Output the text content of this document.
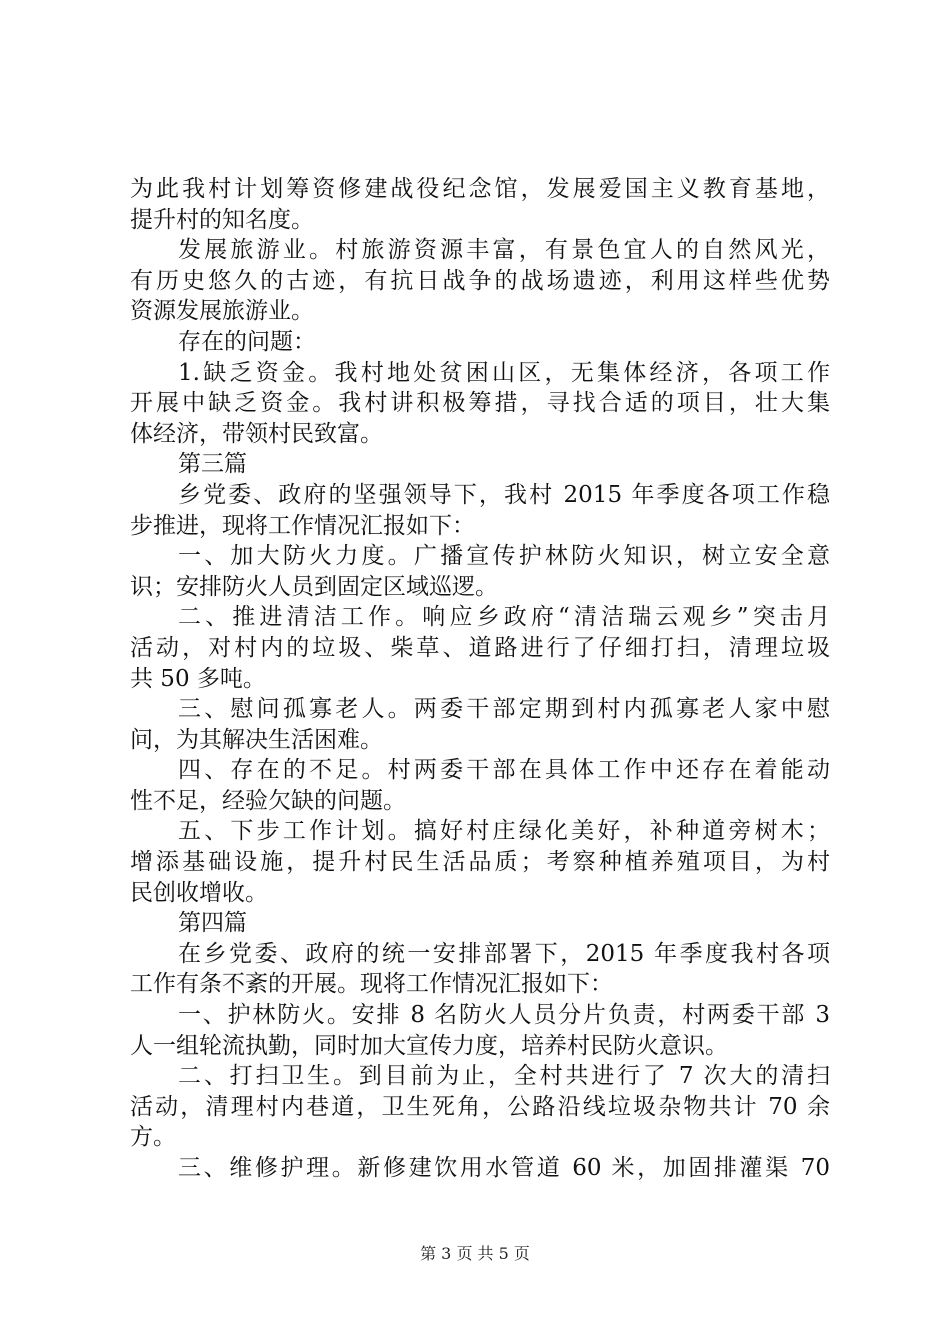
为此我村计划筹资修建战役纪念馆，发展爱国主义教育基地，
提升村的知名度。
发展旅游业。村旅游资源丰富，有景色宜人的自然风光，
有历史悠久的古迹，有抗日战争的战场遗迹，利用这样些优势
资源发展旅游业。
存在的问题：
1.缺乏资金。我村地处贫困山区，无集体经济，各项工作
开展中缺乏资金。我村讲积极筹措，寻找合适的项目，壮大集
体经济，带领村民致富。
第三篇
乡党委、政府的坚强领导下，我村 2015 年季度各项工作稳
步推进，现将工作情况汇报如下：
一、加大防火力度。广播宣传护林防火知识，树立安全意
识；安排防火人员到固定区域巡逻。
二、推进清洁工作。响应乡政府“清洁瑞云观乡”突击月
活动，对村内的垃圾、柴草、道路进行了仔细打扫，清理垃圾
共 50 多吨。
三、慰问孤寡老人。两委干部定期到村内孤寡老人家中慰
问，为其解决生活困难。
四、存在的不足。村两委干部在具体工作中还存在着能动
性不足，经验欠缺的问题。
五、下步工作计划。搞好村庄绿化美好，补种道旁树木；
增添基础设施，提升村民生活品质；考察种植养殖项目，为村
民创收增收。
第四篇
在乡党委、政府的统一安排部署下，2015 年季度我村各项
工作有条不紊的开展。现将工作情况汇报如下：
一、护林防火。安排 8 名防火人员分片负责，村两委干部 3
人一组轮流执勤，同时加大宣传力度，培养村民防火意识。
二、打扫卫生。到目前为止，全村共进行了 7 次大的清扫
活动，清理村内巷道，卫生死角，公路沿线垃圾杂物共计 70 余
方。
三、维修护理。新修建饮用水管道 60 米，加固排灌渠 70
第 3 页 共 5 页
